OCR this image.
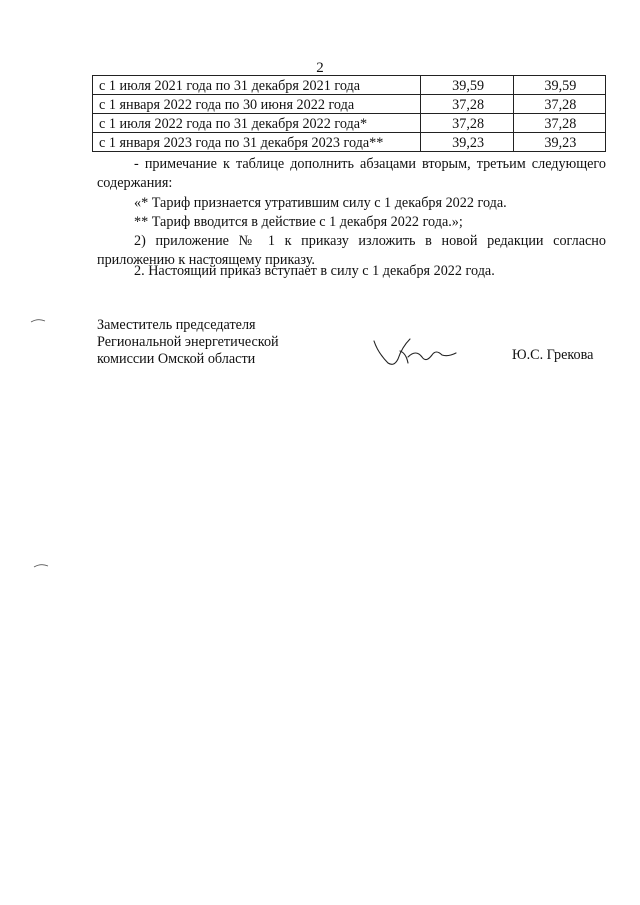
2
с 1 июля 2021 года по 31 декабря 2021 года	39,59	39,59
с 1 января 2022 года по 30 июня 2022 года	37,28	37,28
с 1 июля 2022 года по 31 декабря 2022 года*	37,28	37,28
с 1 января 2023 года по 31 декабря 2023 года**	39,23	39,23

- примечание к таблице дополнить абзацами вторым, третьим следующего содержания:

«* Тариф признается утратившим силу с 1 декабря 2022 года.

** Тариф вводится в действие с 1 декабря 2022 года.»;

2) приложение № 1 к приказу изложить в новой редакции согласно приложению к настоящему приказу.

2. Настоящий приказ вступает в силу с 1 декабря 2022 года.

Заместитель председателя
Региональной энергетической
комиссии Омской области	Ю.С. Грекова
